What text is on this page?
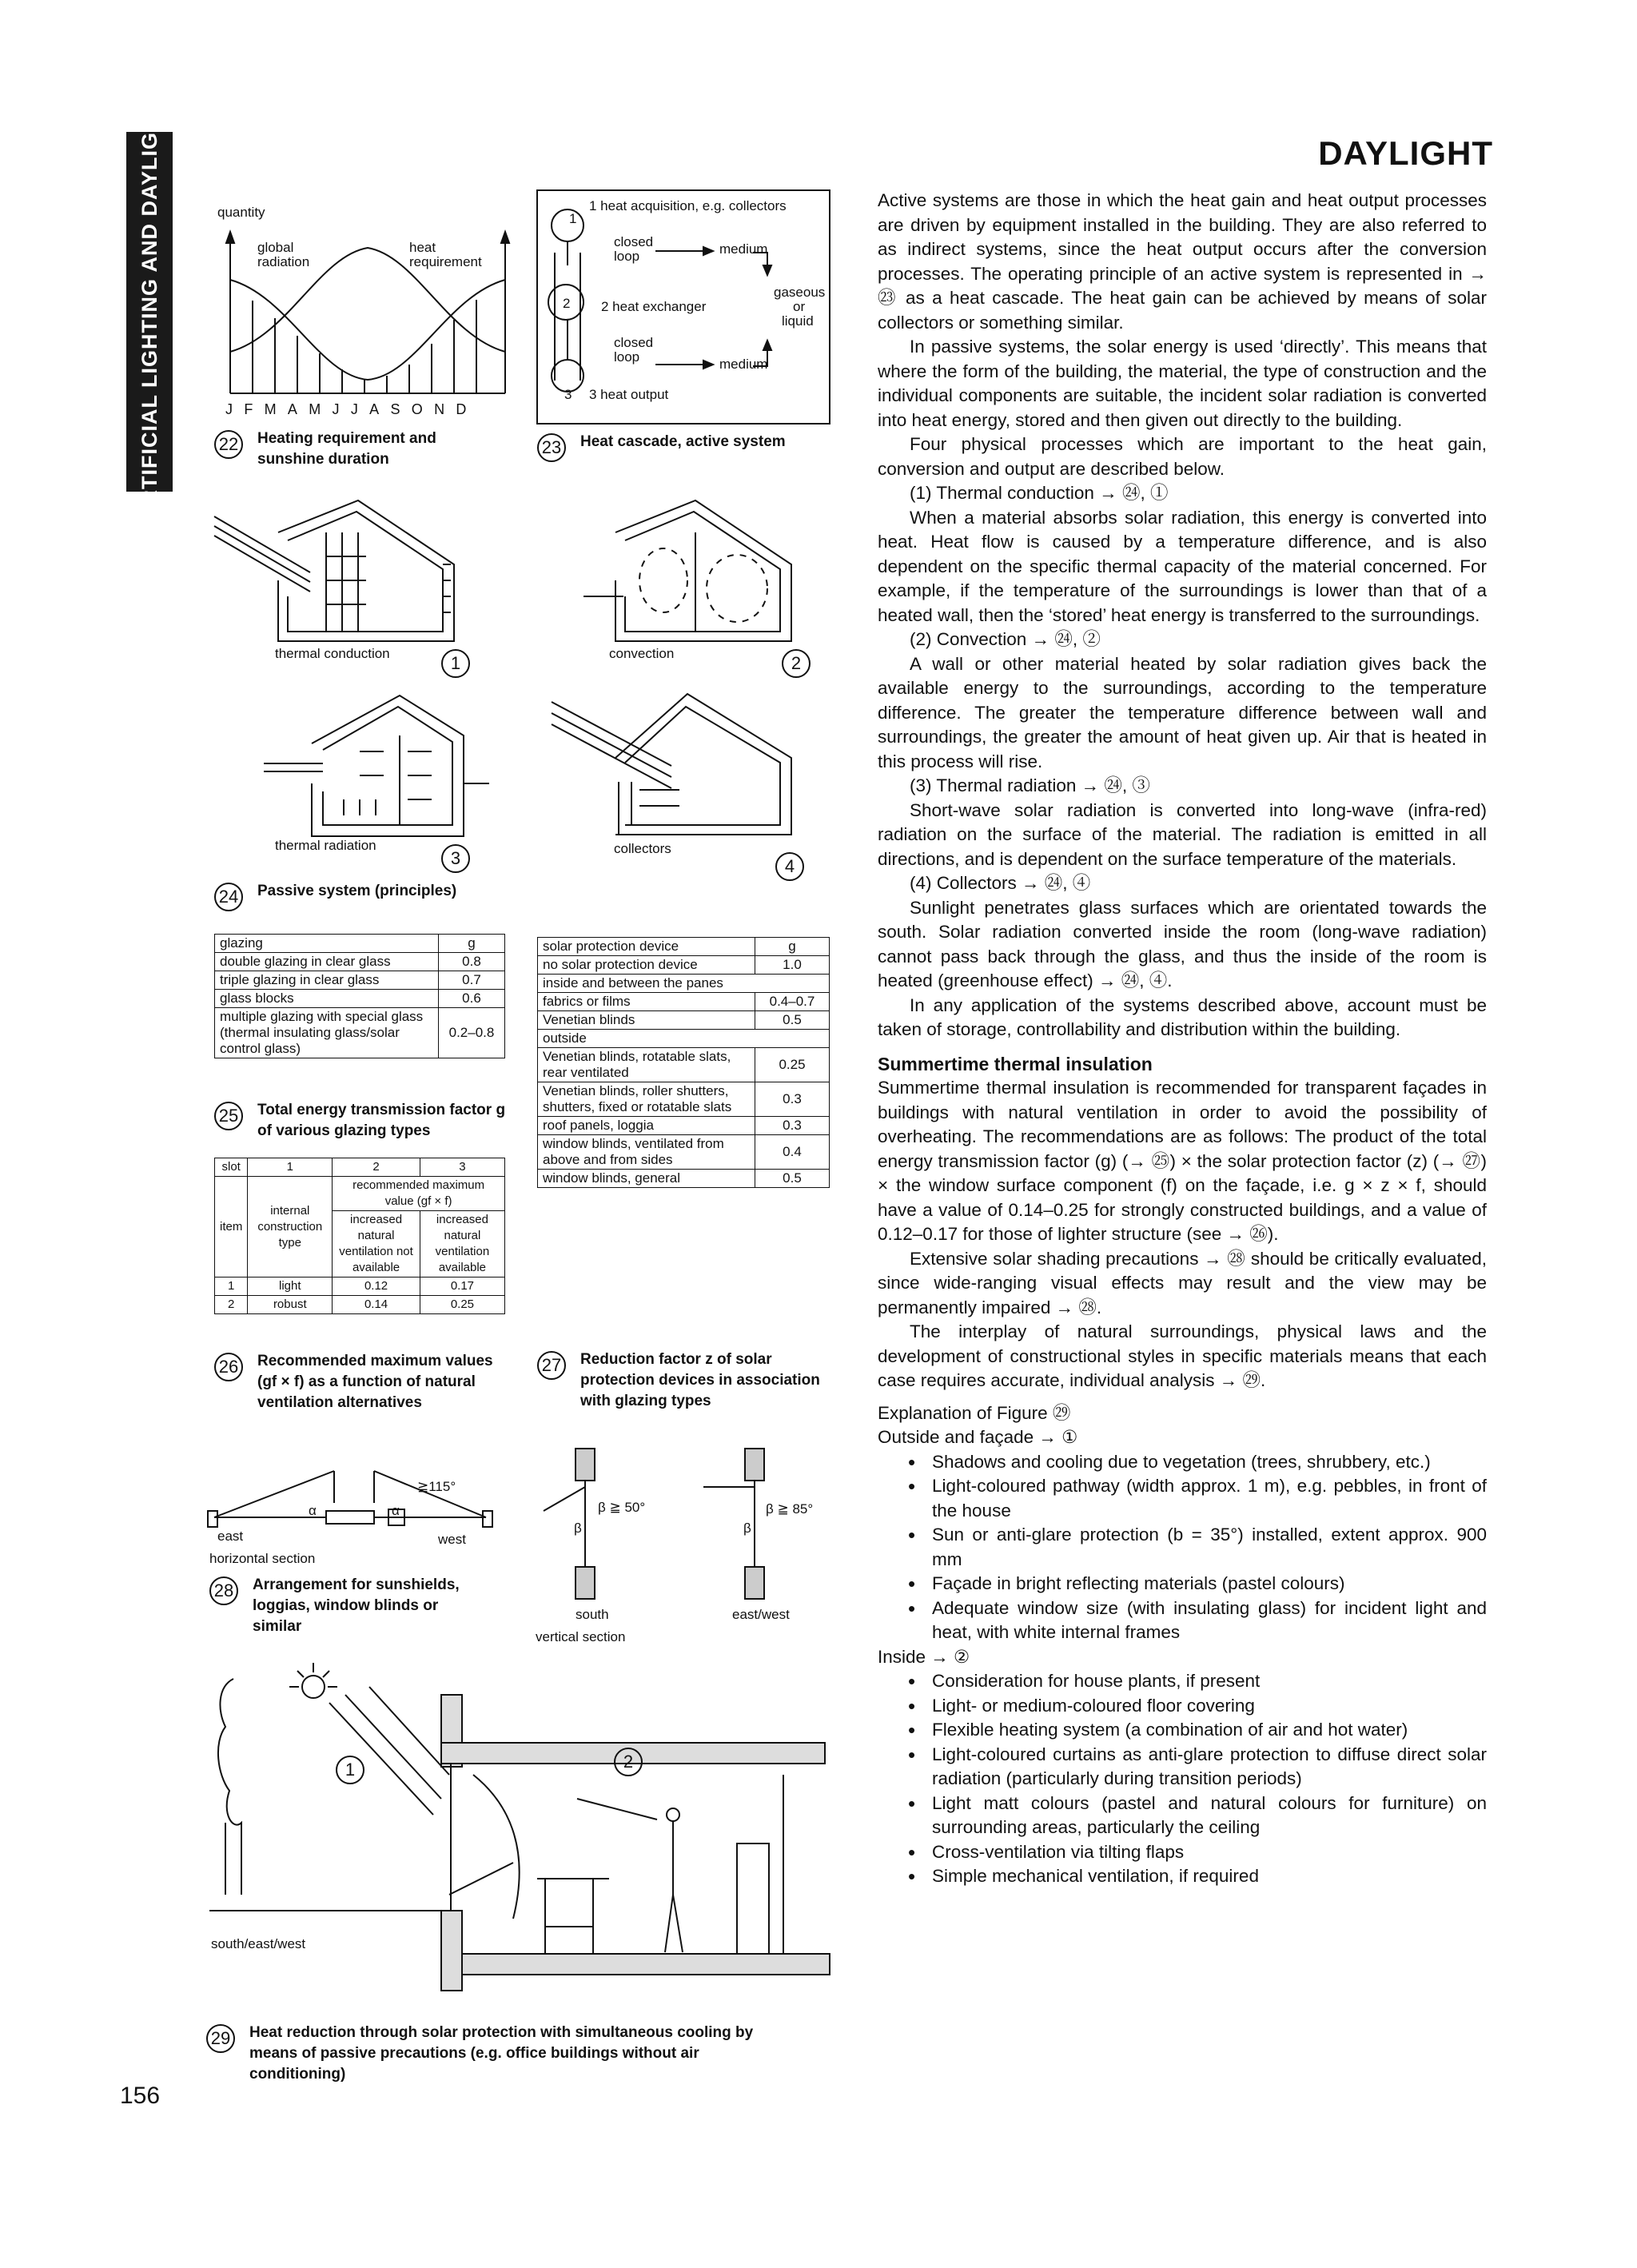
ARTIFICIAL LIGHTING AND DAYLIGHT	DAYLIGHT
156
quantity
global
radiation
heat
requirement
JFMAMJJASOND
22	Heating requirement and sunshine duration
1 heat acquisition, e.g. collectors
1
closed
loop	medium
2 2 heat exchanger
gaseous
or
liquid
closed
loop	medium
3 3 heat output
23	Heat cascade, active system
thermal conduction	1	convection	2
thermal radiation
3	collectors
4
24	Passive system (principles)
glazing	g
double glazing in clear glass	0.8
triple glazing in clear glass	0.7
glass blocks	0.6
multiple glazing with special glass (thermal insulating glass/solar control glass)	0.2–0.8
25	Total energy transmission factor g of various glazing types
slot	1	2	3
item	internal construction type	recommended maximum value (gf × f)	
		increased natural ventilation not available	increased natural ventilation available
1	light	0.12	0.17
2	robust	0.14	0.25
26	Recommended maximum values (gf × f) as a function of natural ventilation alternatives
solar protection device	g
no solar protection device	1.0
inside and between the panes	
fabrics or films	0.4–0.7
Venetian blinds	0.5
outside	
Venetian blinds, rotatable slats, rear ventilated	0.25
Venetian blinds, roller shutters, shutters, fixed or rotatable slats	0.3
roof panels, loggia	0.3
window blinds, ventilated from above and from sides	0.4
window blinds, general	0.5
27	Reduction factor z of solar protection devices in association with glazing types
≧115°
α	α
east	west
horizontal section
β ≧ 50°
β
β ≧ 85°
β
south	east/west
vertical section
28	Arrangement for sunshields, loggias, window blinds or similar
1	2
south/east/west
29	Heat reduction through solar protection with simultaneous cooling by means of passive precautions (e.g. office buildings without air conditioning)

Active systems are those in which the heat gain and heat output processes are driven by equipment installed in the building. They are also referred to as indirect systems, since the heat output occurs after the conversion processes. The operating principle of an active system is represented in → ㉓ as a heat cascade. The heat gain can be achieved by means of solar collectors or something similar.

In passive systems, the solar energy is used ‘directly’. This means that where the form of the building, the material, the type of construction and the individual components are suitable, the incident solar radiation is converted into heat energy, stored and then given out directly to the building.

Four physical processes which are important to the heat gain, conversion and output are described below.

(1) Thermal conduction → ㉔, ①

When a material absorbs solar radiation, this energy is converted into heat. Heat flow is caused by a temperature difference, and is also dependent on the specific thermal capacity of the material concerned. For example, if the temperature of the surroundings is lower than that of a heated wall, then the ‘stored’ heat energy is transferred to the surroundings.

(2) Convection → ㉔, ②

A wall or other material heated by solar radiation gives back the available energy to the surroundings, according to the temperature difference. The greater the temperature difference between wall and surroundings, the greater the amount of heat given up. Air that is heated in this process will rise.

(3) Thermal radiation → ㉔, ③

Short-wave solar radiation is converted into long-wave (infra-red) radiation on the surface of the material. The radiation is emitted in all directions, and is dependent on the surface temperature of the materials.

(4) Collectors → ㉔, ④

Sunlight penetrates glass surfaces which are orientated towards the south. Solar radiation converted inside the room (long-wave radiation) cannot pass back through the glass, and thus the inside of the room is heated (greenhouse effect) → ㉔, ④.

In any application of the systems described above, account must be taken of storage, controllability and distribution within the building.

Summertime thermal insulation

Summertime thermal insulation is recommended for transparent façades in buildings with natural ventilation in order to avoid the possibility of overheating. The recommendations are as follows: The product of the total energy transmission factor (g) (→ ㉕) × the solar protection factor (z) (→ ㉗) × the window surface component (f) on the façade, i.e. g × z × f, should have a value of 0.14–0.25 for strongly constructed buildings, and a value of 0.12–0.17 for those of lighter structure (see → ㉖).

Extensive solar shading precautions → ㉘ should be critically evaluated, since wide-ranging visual effects may result and the view may be permanently impaired → ㉘.

The interplay of natural surroundings, physical laws and the development of constructional styles in specific materials means that each case requires accurate, individual analysis → ㉙.

Explanation of Figure ㉙

Outside and façade → ①

• Shadows and cooling due to vegetation (trees, shrubbery, etc.)
• Light-coloured pathway (width approx. 1 m), e.g. pebbles, in front of the house
• Sun or anti-glare protection (b = 35°) installed, extent approx. 900 mm
• Façade in bright reflecting materials (pastel colours)
• Adequate window size (with insulating glass) for incident light and heat, with white internal frames

Inside → ②

• Consideration for house plants, if present
• Light- or medium-coloured floor covering
• Flexible heating system (a combination of air and hot water)
• Light-coloured curtains as anti-glare protection to diffuse direct solar radiation (particularly during transition periods)
• Light matt colours (pastel and natural colours for furniture) on surrounding areas, particularly the ceiling
• Cross-ventilation via tilting flaps
• Simple mechanical ventilation, if required
